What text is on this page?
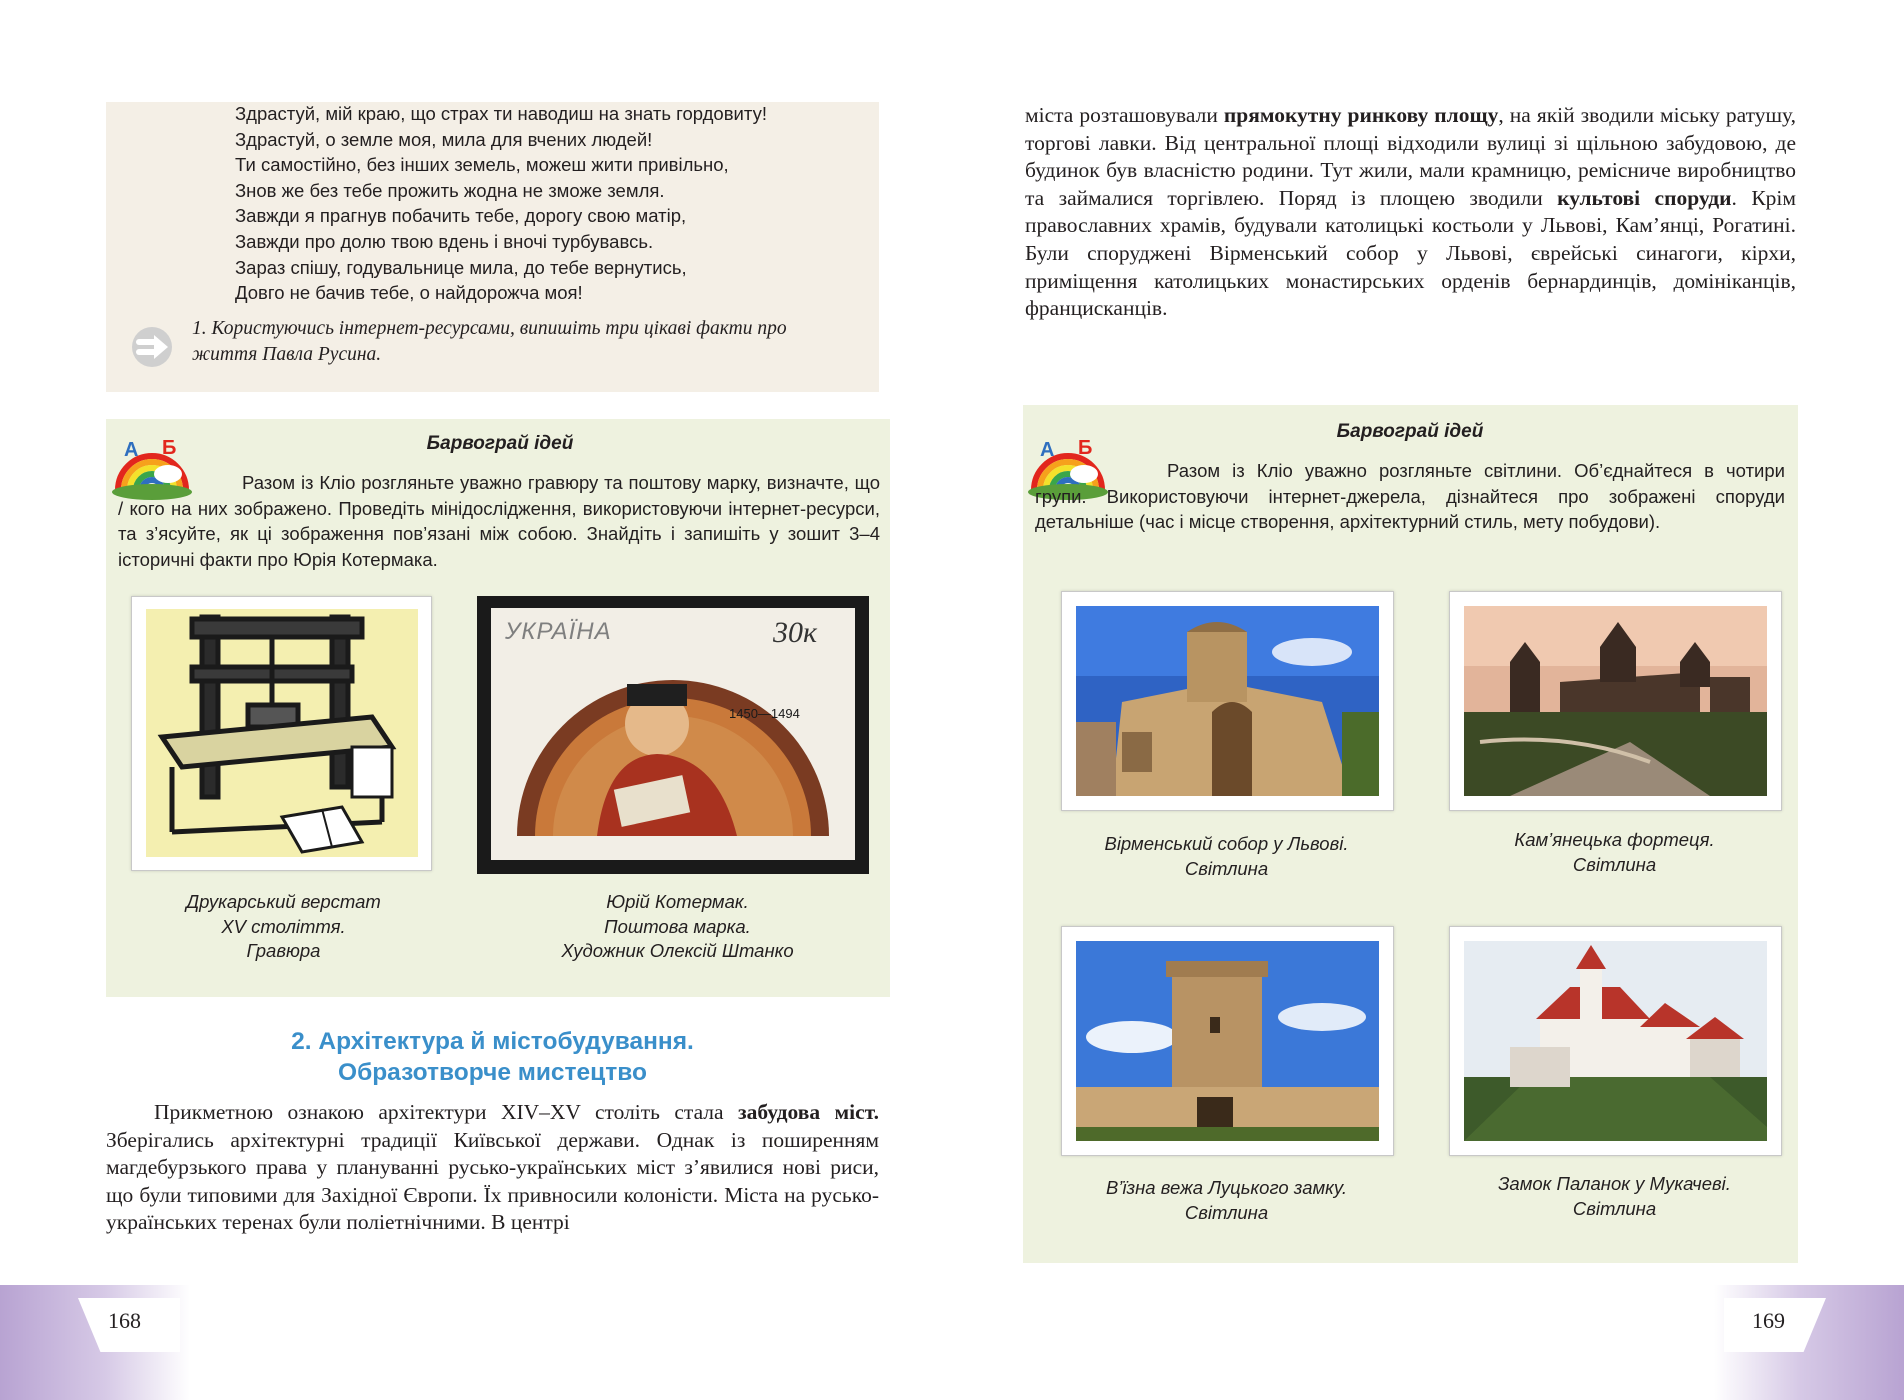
Здрастуй, мій краю, що страх ти наводиш на знать гордовиту!
Здрастуй, о земле моя, мила для вчених людей!
Ти самостійно, без інших земель, можеш жити привільно,
Знов же без тебе прожить жодна не зможе земля.
Завжди я прагнув побачить тебе, дорогу свою матір,
Завжди про долю твою вдень і вночі турбувавсь.
Зараз спішу, годувальнице мила, до тебе вернутись,
Довго не бачив тебе, о найдорожча моя!
1. Користуючись інтернет-ресурсами, випишіть три цікаві факти про життя Павла Русина.
А Б	Барвограй ідей
Разом із Кліо розгляньте уважно гравюру та поштову марку, визначте, що / кого на них зображено. Проведіть мінідослідження, використовуючи інтернет-ресурси, та з’ясуйте, як ці зображення пов’язані між собою. Знайдіть і запишіть у зошит 3–4 історичні факти про Юрія Котермака.
УКРАЇНА	30к
1450—1494
Друкарський верстат
XV століття.
Гравюра
Юрій Котермак.
Поштова марка.
Художник Олексій Штанко
2. Архітектура й містобудування.
Образотворче мистецтво
Прикметною ознакою архітектури XIV–XV століть стала забудова міст. Зберігались архітектурні традиції Київської держави. Однак із поширенням магдебурзького права у плануванні русько-українських міст з’явилися нові риси, що були типовими для Західної Європи. Їх привносили колоністи. Міста на русько-українських теренах були поліетнічними. В центрі
міста розташовували прямокутну ринкову площу, на якій зводили міську ратушу, торгові лавки. Від центральної площі відходили вулиці зі щільною забудовою, де будинок був власністю родини. Тут жили, мали крамницю, ремісниче виробництво та займалися торгівлею. Поряд із площею зводили культові споруди. Крім православних храмів, будували католицькі костьоли у Львові, Кам’янці, Рогатині. Були споруджені Вірменський собор у Львові, єврейські синагоги, кірхи, приміщення католицьких монастирських орденів бернардинців, домініканців, францисканців.
А Б
Барвограй ідей
Разом із Кліо уважно розгляньте світлини. Об’єднайтеся в чотири групи. Використовуючи інтернет-джерела, дізнайтеся про зображені споруди детальніше (час і місце створення, архітектурний стиль, мету побудови).
Вірменський собор у Львові.
Світлина
Кам’янецька фортеця.
Світлина
В’їзна вежа Луцького замку.
Світлина
Замок Паланок у Мукачеві.
Світлина
168	169
